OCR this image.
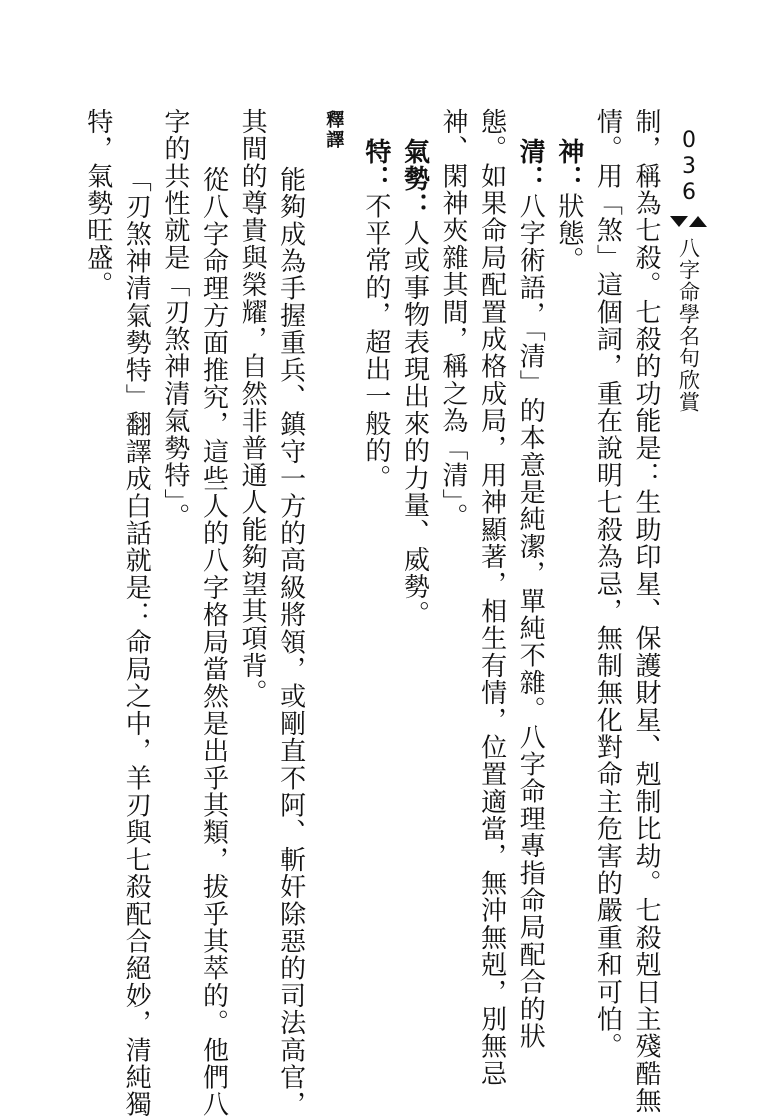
036
八字命學名句欣賞
制，稱為七殺。七殺的功能是：生助印星、保護財星、剋制比劫。七殺剋日主殘酷無
情。用「煞」這個詞，重在說明七殺為忌，無制無化對命主危害的嚴重和可怕。
神：狀態。
清：八字術語，「清」的本意是純潔，單純不雜。八字命理專指命局配合的狀
態。如果命局配置成格成局，用神顯著，相生有情，位置適當，無沖無剋，別無忌
神、閑神夾雜其間，稱之為「清」。
氣勢：人或事物表現出來的力量、威勢。
特：不平常的，超出一般的。
釋譯
能夠成為手握重兵、鎮守一方的高級將領，或剛直不阿、斬奸除惡的司法高官，
其間的尊貴與榮耀，自然非普通人能夠望其項背。
從八字命理方面推究，這些人的八字格局當然是出乎其類，拔乎其萃的。他們八
字的共性就是「刃煞神清氣勢特」。
「刃煞神清氣勢特」翻譯成白話就是：命局之中，羊刃與七殺配合絕妙，清純獨
特，氣勢旺盛。
